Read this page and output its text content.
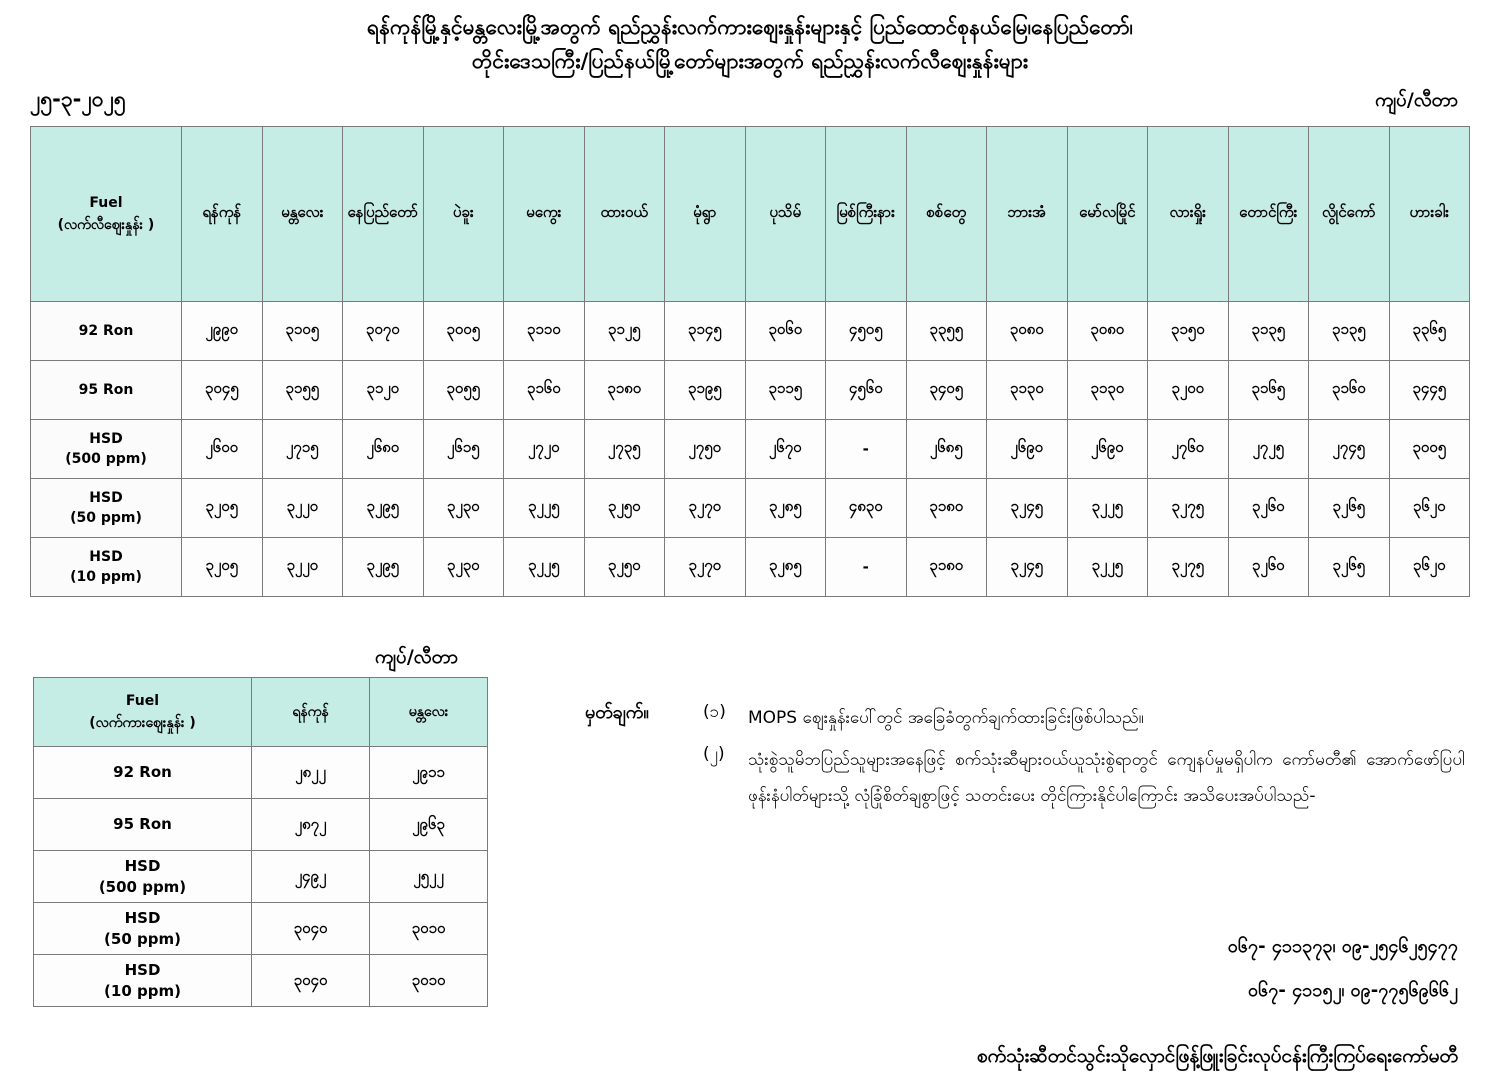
ရန်ကုန်မြို့နှင့်မန္တလေးမြို့အတွက် ရည်ညွှန်းလက်ကားဈေးနှုန်းများနှင့် ပြည်ထောင်စုနယ်မြေ၊နေပြည်တော်၊
တိုင်းဒေသကြီး/ပြည်နယ်မြို့တော်များအတွက် ရည်ညွှန်းလက်လီဈေးနှုန်းများ
၂၅-၃-၂၀၂၅	ကျပ်/လီတာ
Fuel
(လက်လီဈေးနှုန်း )	ရန်ကုန်	မန္တလေး	နေပြည်တော်	ပဲခူး	မကွေး	ထားဝယ်	မုံရွာ	ပုသိမ်	မြစ်ကြီးနား	စစ်တွေ	ဘားအံ	မော်လမြိုင်	လားရှိုး	တောင်ကြီး	လွိုင်ကော်	ဟားခါး

92 Ron	၂၉၉၀	၃၁၀၅	၃၀၇၀	၃၀၀၅	၃၁၁၀	၃၁၂၅	၃၁၄၅	၃၀၆၀	၄၅၀၅	၃၃၅၅	၃၀၈၀	၃၀၈၀	၃၁၅၀	၃၁၃၅	၃၁၃၅	၃၃၆၅

95 Ron	၃၀၄၅	၃၁၅၅	၃၁၂၀	၃၀၅၅	၃၁၆၀	၃၁၈၀	၃၁၉၅	၃၁၁၅	၄၅၆၀	၃၄၀၅	၃၁၃၀	၃၁၃၀	၃၂၀၀	၃၁၆၅	၃၁၆၀	၃၄၄၅

HSD
(500 ppm)	၂၆၀၀	၂၇၁၅	၂၆၈၀	၂၆၁၅	၂၇၂၀	၂၇၃၅	၂၇၅၀	၂၆၇၀	-	၂၆၈၅	၂၆၉၀	၂၆၉၀	၂၇၆၀	၂၇၂၅	၂၇၄၅	၃၀၀၅

HSD
(50 ppm)	၃၂၀၅	၃၂၂၀	၃၂၉၅	၃၂၃၀	၃၂၂၅	၃၂၅၀	၃၂၇၀	၃၂၈၅	၄၈၃၀	၃၁၈၀	၃၂၄၅	၃၂၂၅	၃၂၇၅	၃၂၆၀	၃၂၆၅	၃၆၂၀

HSD
(10 ppm)	၃၂၀၅	၃၂၂၀	၃၂၉၅	၃၂၃၀	၃၂၂၅	၃၂၅၀	၃၂၇၀	၃၂၈၅	-	၃၁၈၀	၃၂၄၅	၃၂၂၅	၃၂၇၅	၃၂၆၀	၃၂၆၅	၃၆၂၀
ကျပ်/လီတာ
Fuel
(လက်ကားဈေးနှုန်း )	ရန်ကုန်	မန္တလေး

92 Ron	၂၈၂၂	၂၉၁၁

95 Ron	၂၈၇၂	၂၉၆၃

HSD
(500 ppm)	၂၄၉၂	၂၅၂၂

HSD
(50 ppm)	၃၀၄၀	၃၀၁၀

HSD
(10 ppm)	၃၀၄၀	၃၀၁၀
မှတ်ချက်။	(၁)	MOPS ဈေးနှုန်းပေါ်တွင် အခြေခံတွက်ချက်ထားခြင်းဖြစ်ပါသည်။
(၂)	သုံးစွဲသူမိဘပြည်သူများအနေဖြင့် စက်သုံးဆီများဝယ်ယူသုံးစွဲရာတွင် ကျေနပ်မှုမရှိပါက ကော်မတီ၏ အောက်ဖော်ပြပါဖုန်းနံပါတ်များသို့ လုံခြုံစိတ်ချစွာဖြင့် သတင်းပေး တိုင်ကြားနိုင်ပါကြောင်း အသိပေးအပ်ပါသည်-
၀၆၇- ၄၁၁၃၇၃၊ ၀၉-၂၅၄၆၂၅၄၇၇
၀၆၇- ၄၁၁၅၂၊ ၀၉-၇၇၅၆၉၆၆၂
စက်သုံးဆီတင်သွင်းသိုလှောင်ဖြန့်ဖြူးခြင်းလုပ်ငန်းကြီးကြပ်ရေးကော်မတီ
